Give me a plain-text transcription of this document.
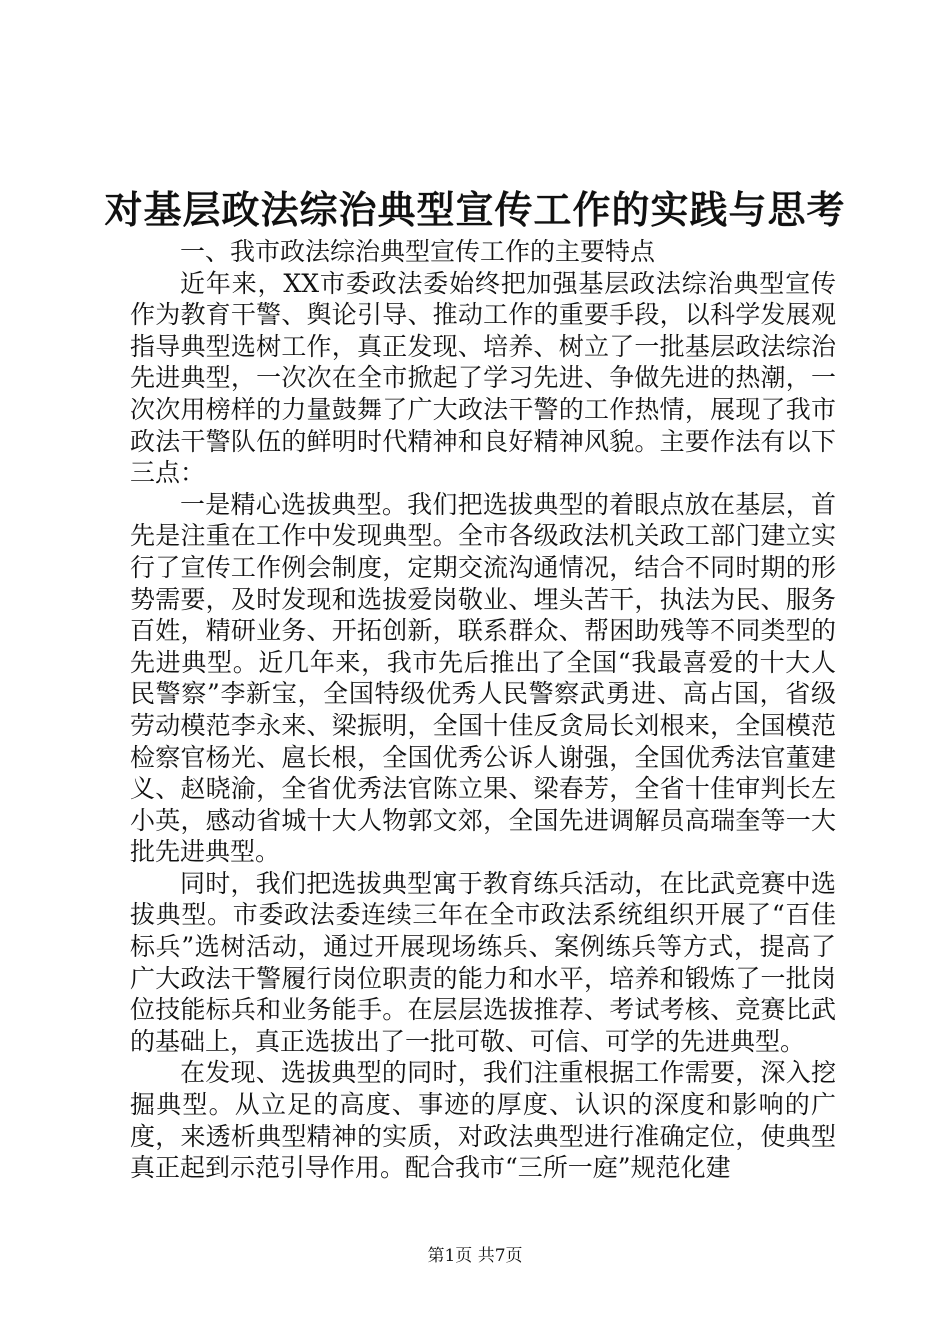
对基层政法综治典型宣传工作的实践与思考

一、我市政法综治典型宣传工作的主要特点

近年来，XX市委政法委始终把加强基层政法综治典型宣传作为教育干警、舆论引导、推动工作的重要手段，以科学发展观指导典型选树工作，真正发现、培养、树立了一批基层政法综治先进典型，一次次在全市掀起了学习先进、争做先进的热潮，一次次用榜样的力量鼓舞了广大政法干警的工作热情，展现了我市政法干警队伍的鲜明时代精神和良好精神风貌。主要作法有以下三点：

一是精心选拔典型。我们把选拔典型的着眼点放在基层，首先是注重在工作中发现典型。全市各级政法机关政工部门建立实行了宣传工作例会制度，定期交流沟通情况，结合不同时期的形势需要，及时发现和选拔爱岗敬业、埋头苦干，执法为民、服务百姓，精研业务、开拓创新，联系群众、帮困助残等不同类型的先进典型。近几年来，我市先后推出了全国“我最喜爱的十大人民警察”李新宝，全国特级优秀人民警察武勇进、高占国，省级劳动模范李永来、梁振明，全国十佳反贪局长刘根来，全国模范检察官杨光、扈长根，全国优秀公诉人谢强，全国优秀法官董建义、赵晓渝，全省优秀法官陈立果、梁春芳，全省十佳审判长左小英，感动省城十大人物郭文郊，全国先进调解员高瑞奎等一大批先进典型。

同时，我们把选拔典型寓于教育练兵活动，在比武竞赛中选拔典型。市委政法委连续三年在全市政法系统组织开展了“百佳标兵”选树活动，通过开展现场练兵、案例练兵等方式，提高了广大政法干警履行岗位职责的能力和水平，培养和锻炼了一批岗位技能标兵和业务能手。在层层选拔推荐、考试考核、竞赛比武的基础上，真正选拔出了一批可敬、可信、可学的先进典型。

在发现、选拔典型的同时，我们注重根据工作需要，深入挖掘典型。从立足的高度、事迹的厚度、认识的深度和影响的广度，来透析典型精神的实质，对政法典型进行准确定位，使典型真正起到示范引导作用。配合我市“三所一庭”规范化建

第1页 共7页
